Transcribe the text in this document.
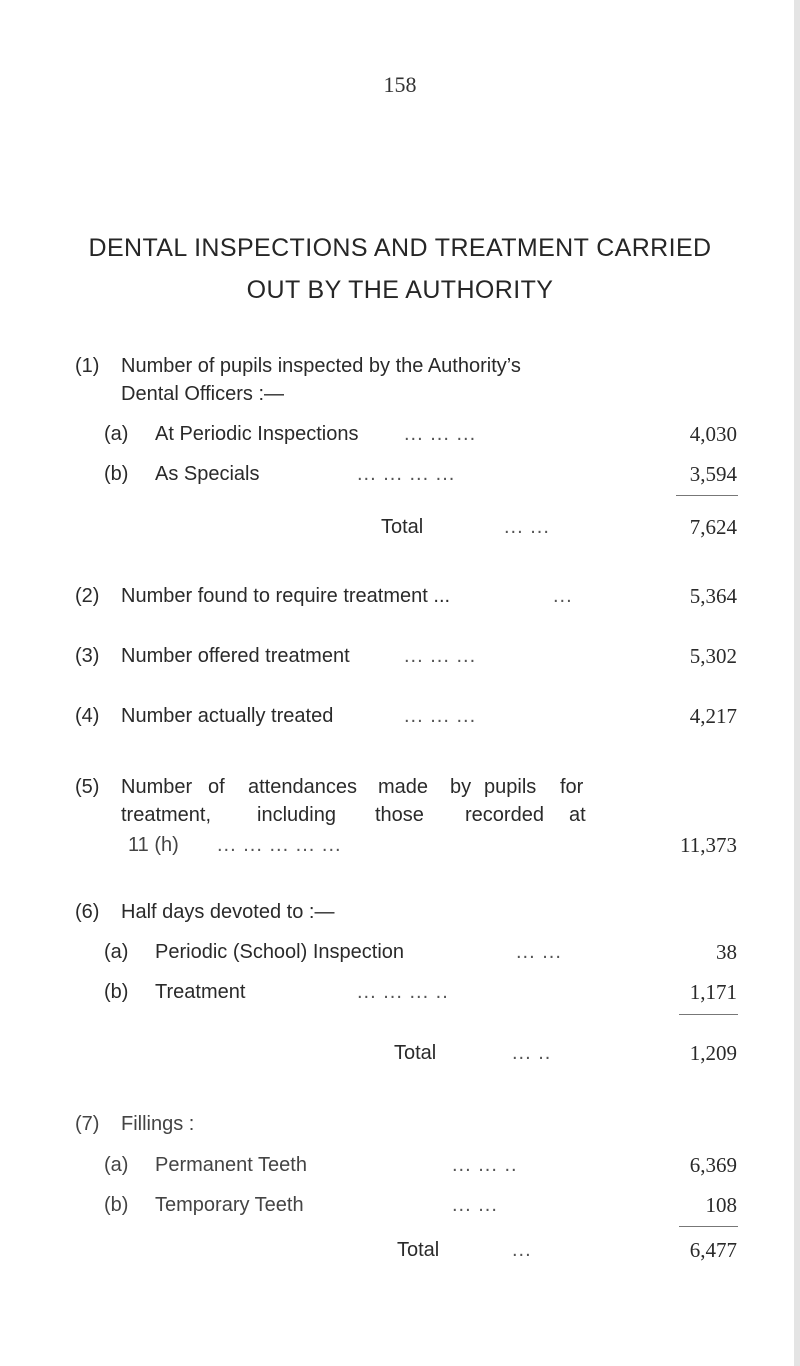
158
DENTAL INSPECTIONS AND TREATMENT CARRIED
OUT BY THE AUTHORITY
(1) Number of pupils inspected by the Authority’s
Dental Officers :—
(a) At Periodic Inspections ... ... ...	4,030
(b) As Specials	... ... ... ...	3,594
Total	... ...	7,624
(2) Number found to require treatment ...	...	5,364
(3) Number offered treatment	... ... ...	5,302
(4) Number actually treated	... ... ...	4,217
(5) Number of attendances made by pupils for
treatment, including those recorded at
11 (h) ... ... ... ... ...	11,373
(6) Half days devoted to :—
(a) Periodic (School) Inspection	... ...	38
(b) Treatment	... ... ... ..	1,171
Total	... ..	1,209
(7) Fillings :
(a) Permanent Teeth	... ... ..	6,369
(b) Temporary Teeth	... ...	108
Total	...	6,477
